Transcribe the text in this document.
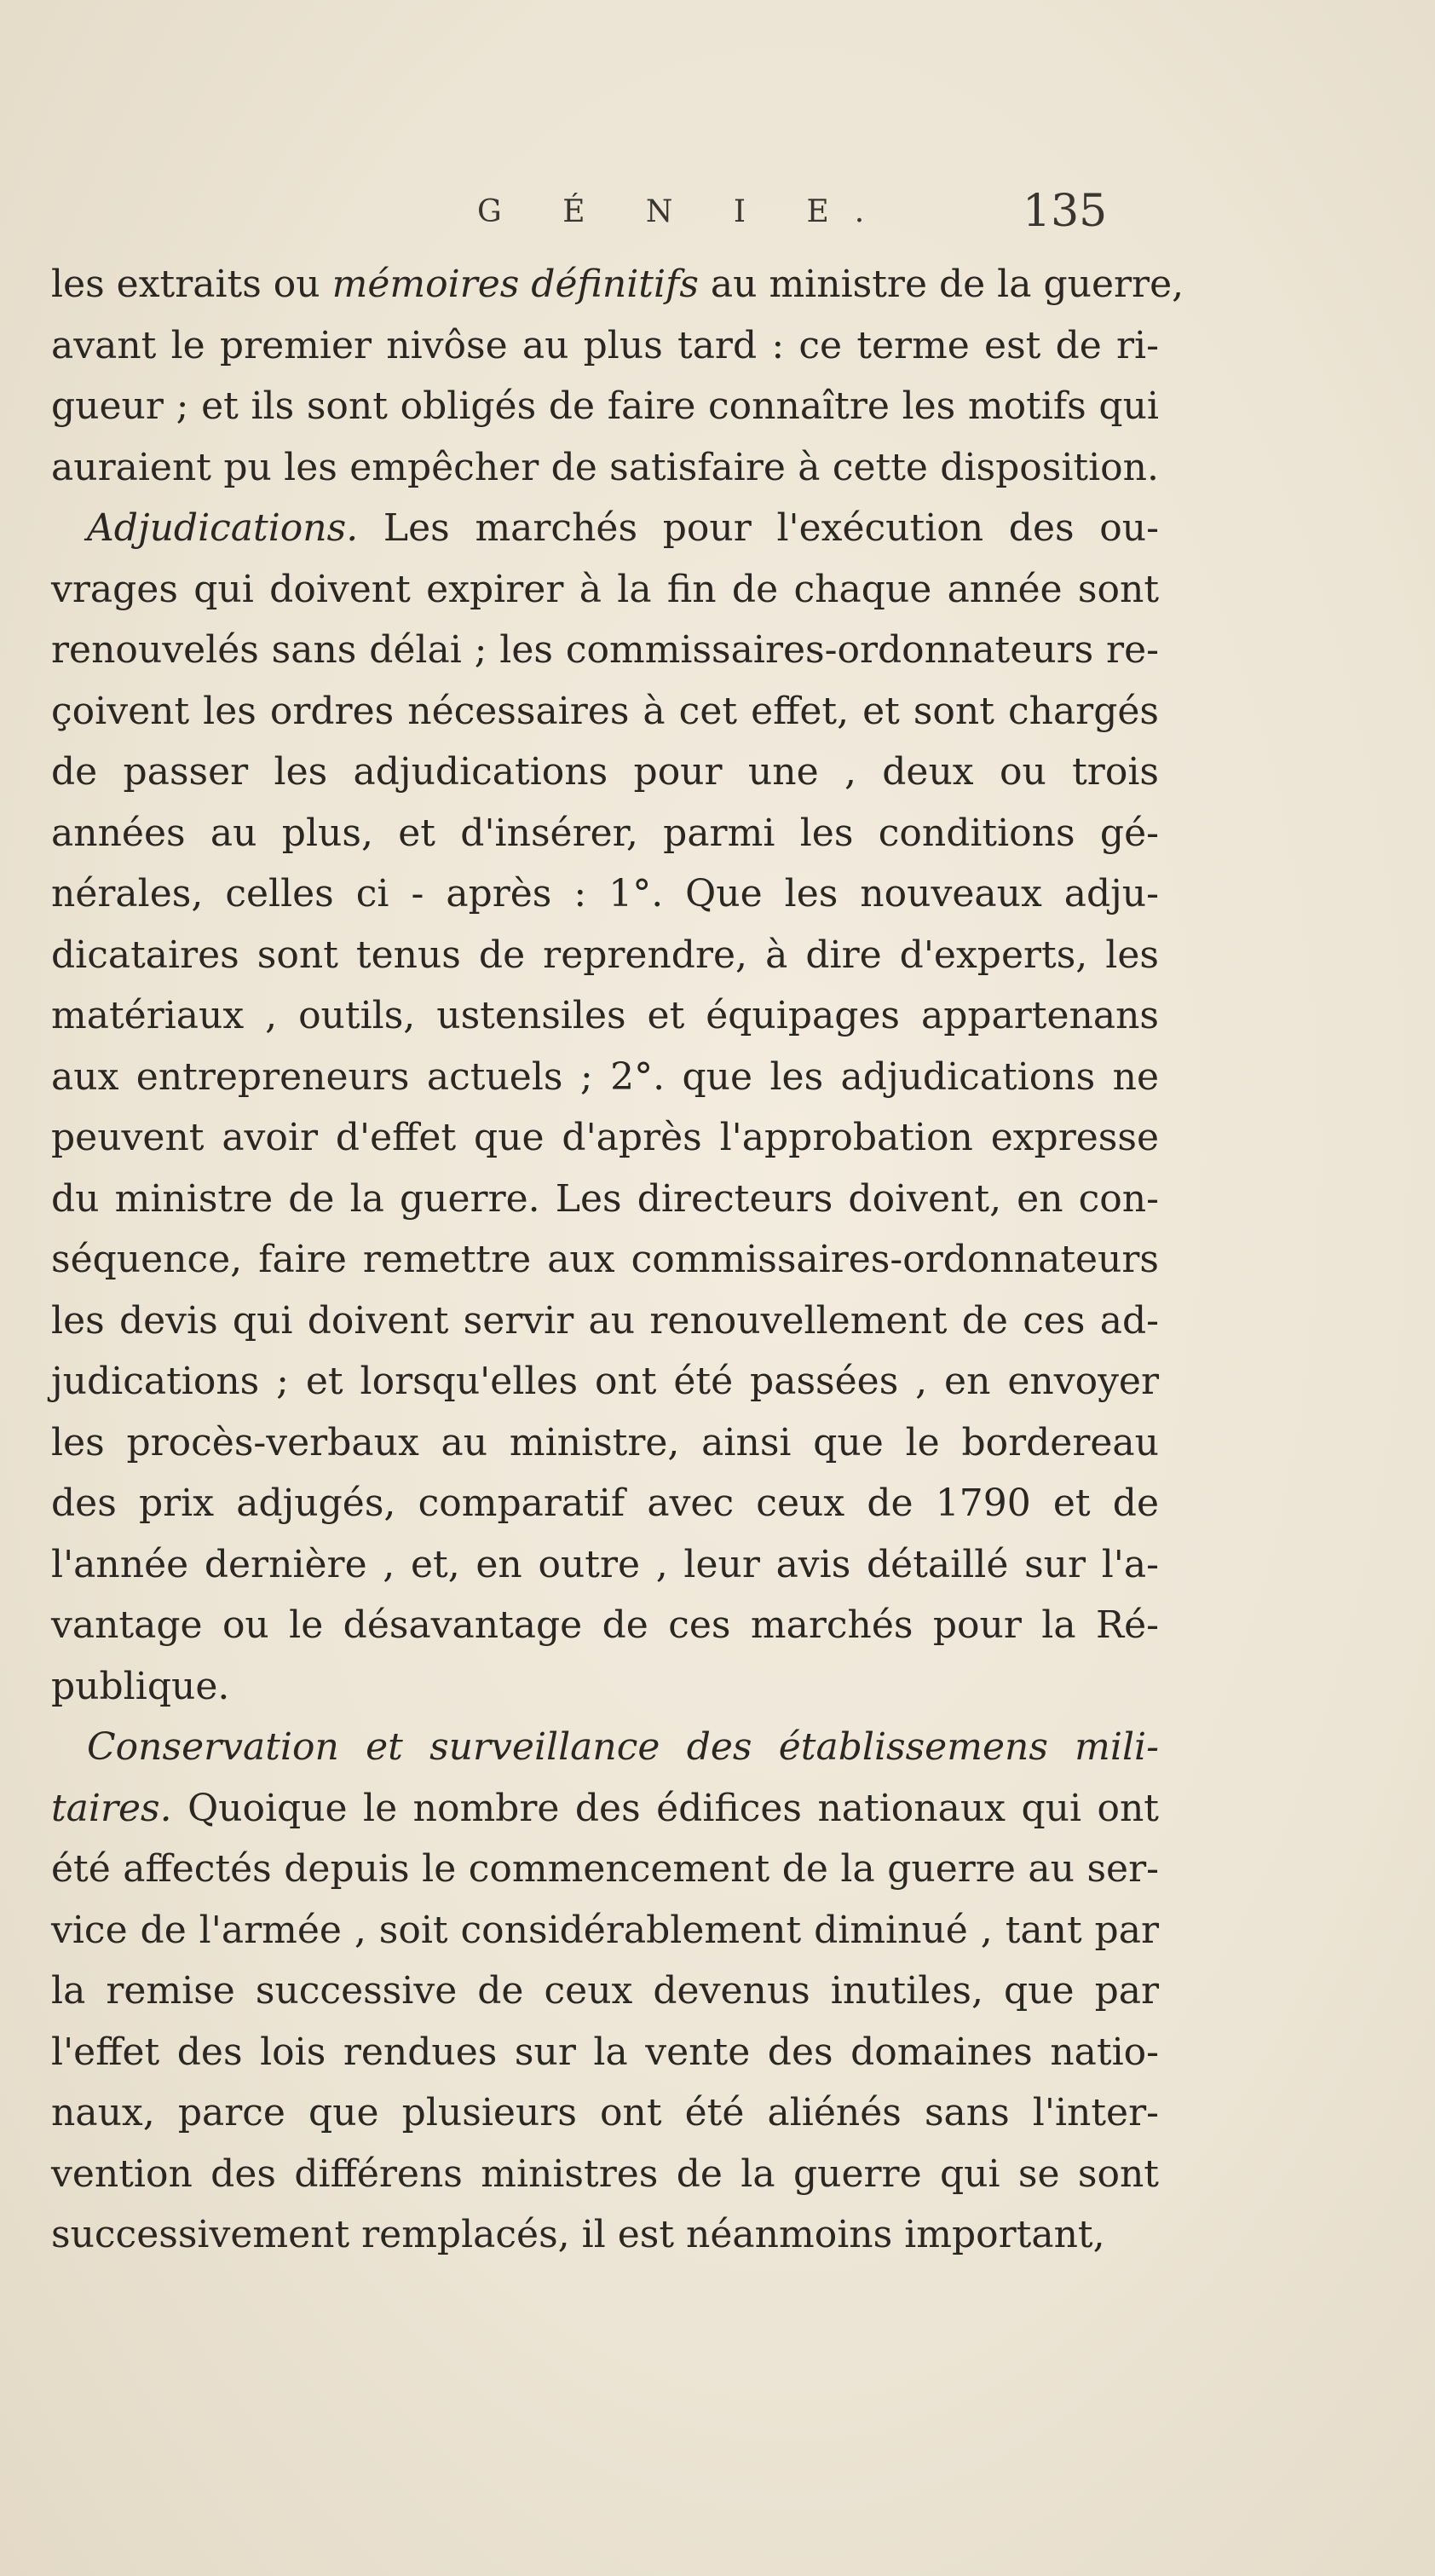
G É N I E.	135
les extraits ou mémoires définitifs au ministre de la guerre,
avant le premier nivôse au plus tard : ce terme est de ri-
gueur ; et ils sont obligés de faire connaître les motifs qui
auraient pu les empêcher de satisfaire à cette disposition.
Adjudications. Les marchés pour l'exécution des ou-
vrages qui doivent expirer à la fin de chaque année sont
renouvelés sans délai ; les commissaires-ordonnateurs re-
çoivent les ordres nécessaires à cet effet, et sont chargés
de passer les adjudications pour une , deux ou trois
années au plus, et d'insérer, parmi les conditions gé-
nérales, celles ci - après : 1°. Que les nouveaux adju-
dicataires sont tenus de reprendre, à dire d'experts, les
matériaux , outils, ustensiles et équipages appartenans
aux entrepreneurs actuels ; 2°. que les adjudications ne
peuvent avoir d'effet que d'après l'approbation expresse
du ministre de la guerre. Les directeurs doivent, en con-
séquence, faire remettre aux commissaires-ordonnateurs
les devis qui doivent servir au renouvellement de ces ad-
judications ; et lorsqu'elles ont été passées , en envoyer
les procès-verbaux au ministre, ainsi que le bordereau
des prix adjugés, comparatif avec ceux de 1790 et de
l'année dernière , et, en outre , leur avis détaillé sur l'a-
vantage ou le désavantage de ces marchés pour la Ré-
publique.
Conservation et surveillance des établissemens mili-
taires. Quoique le nombre des édifices nationaux qui ont
été affectés depuis le commencement de la guerre au ser-
vice de l'armée , soit considérablement diminué , tant par
la remise successive de ceux devenus inutiles, que par
l'effet des lois rendues sur la vente des domaines natio-
naux, parce que plusieurs ont été aliénés sans l'inter-
vention des différens ministres de la guerre qui se sont
successivement remplacés, il est néanmoins important,
